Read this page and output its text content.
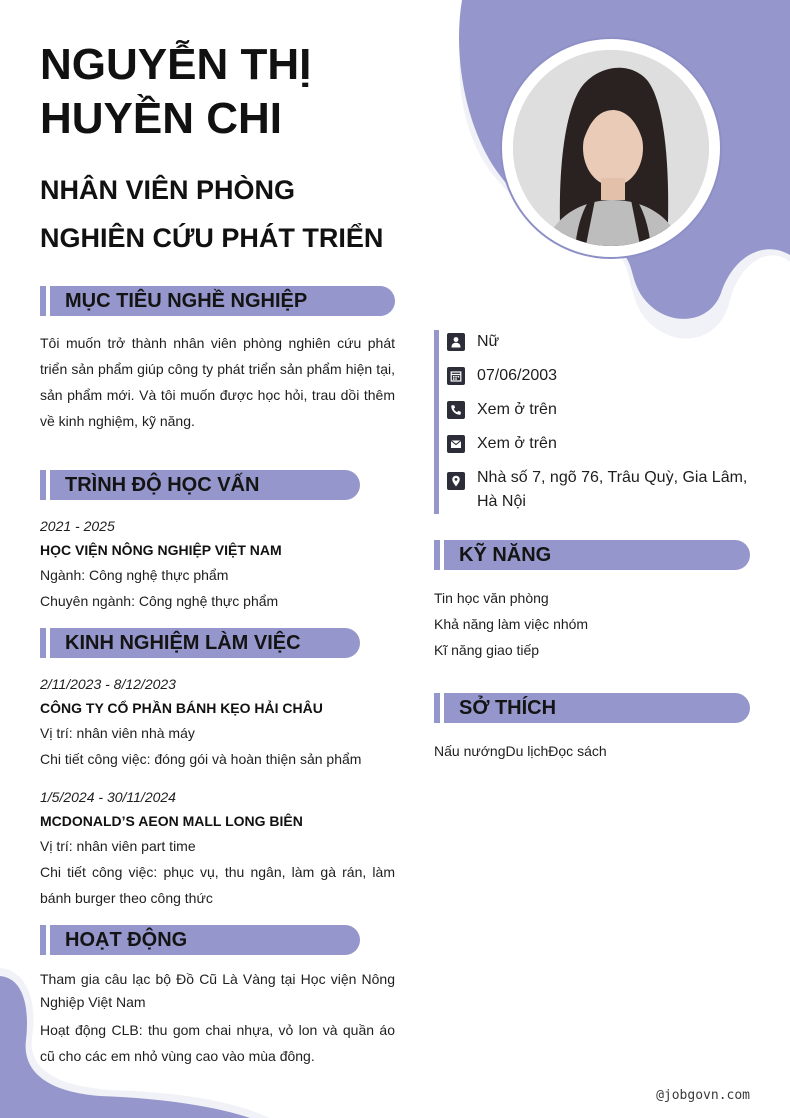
NGUYỄN THỊ
HUYỀN CHI
NHÂN VIÊN PHÒNG
NGHIÊN CỨU PHÁT TRIỂN
MỤC TIÊU NGHỀ NGHIỆP
Tôi muốn trở thành nhân viên phòng nghiên cứu phát triển sản phẩm giúp công ty phát triển sản phẩm hiện tại, sản phẩm mới. Và tôi muốn được học hỏi, trau dồi thêm về kinh nghiệm, kỹ năng.
TRÌNH ĐỘ HỌC VẤN
2021 - 2025
HỌC VIỆN NÔNG NGHIỆP VIỆT NAM
Ngành: Công nghệ thực phẩm
Chuyên ngành: Công nghệ thực phẩm
KINH NGHIỆM LÀM VIỆC
2/11/2023 - 8/12/2023
CÔNG TY CỔ PHẦN BÁNH KẸO HẢI CHÂU
Vị trí: nhân viên nhà máy
Chi tiết công việc: đóng gói và hoàn thiện sản phẩm
1/5/2024 - 30/11/2024
MCDONALD’S AEON MALL LONG BIÊN
Vị trí: nhân viên part time
Chi tiết công việc: phục vụ, thu ngân, làm gà rán, làm bánh burger theo công thức
HOẠT ĐỘNG
Tham gia câu lạc bộ Đồ Cũ Là Vàng tại Học viện Nông Nghiệp Việt Nam
Hoạt động CLB: thu gom chai nhựa, vỏ lon và quần áo cũ cho các em nhỏ vùng cao vào mùa đông.
Nữ
07/06/2003
Xem ở trên
Xem ở trên
Nhà số 7, ngõ 76, Trâu Quỳ, Gia Lâm, Hà Nội
KỸ NĂNG
Tin học văn phòng
Khả năng làm việc nhóm
Kĩ năng giao tiếp
SỞ THÍCH
Nấu nướngDu lịchĐọc sách
@jobgovn.com
